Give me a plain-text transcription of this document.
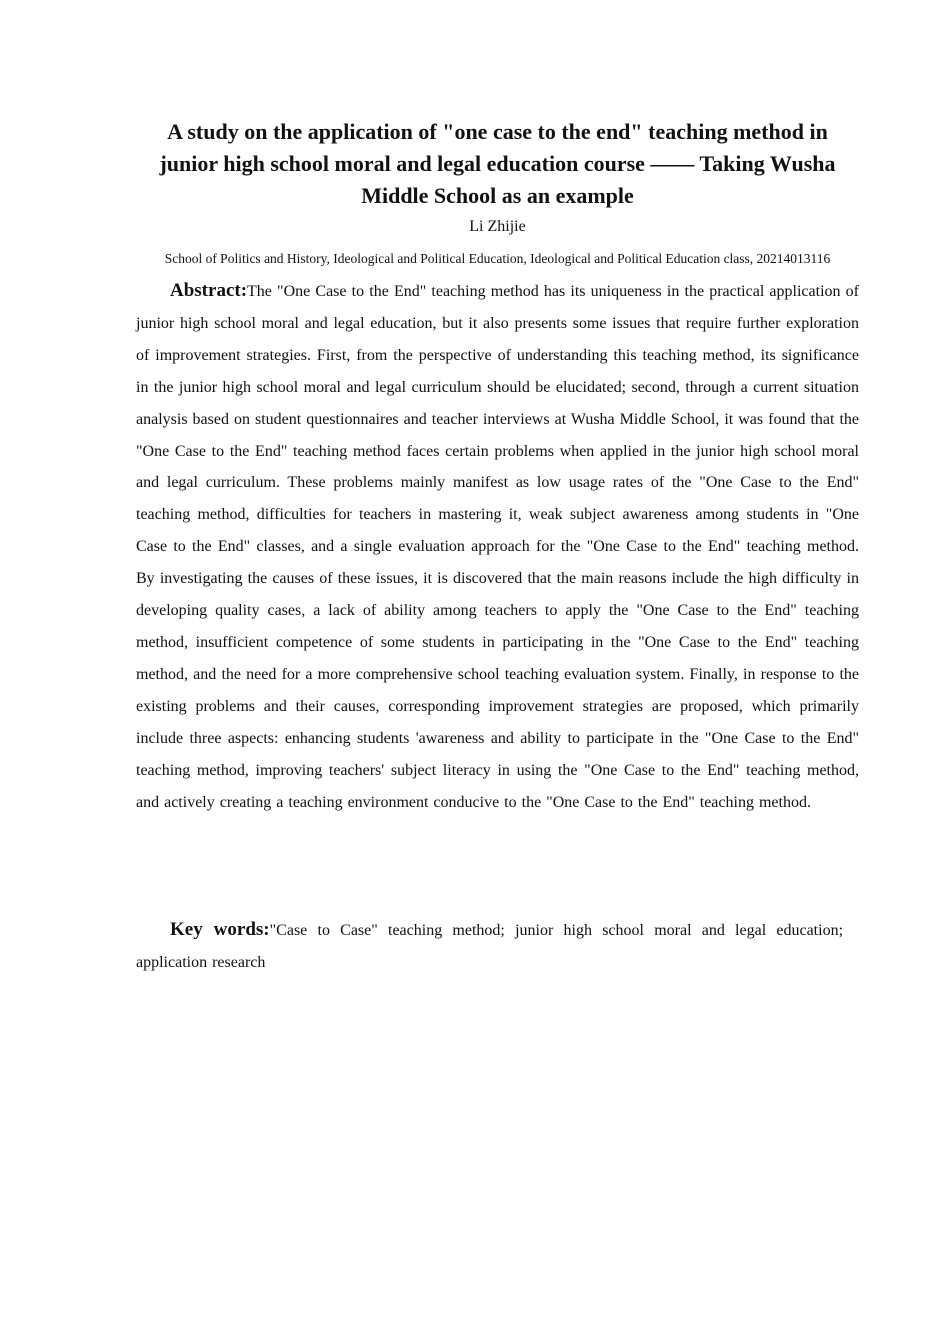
A study on the application of "one case to the end" teaching method in junior high school moral and legal education course —— Taking Wusha Middle School as an example
Li Zhijie
School of Politics and History, Ideological and Political Education, Ideological and Political Education class, 20214013116

Abstract:The "One Case to the End" teaching method has its uniqueness in the practical application of junior high school moral and legal education, but it also presents some issues that require further exploration of improvement strategies. First, from the perspective of understanding this teaching method, its significance in the junior high school moral and legal curriculum should be elucidated; second, through a current situation analysis based on student questionnaires and teacher interviews at Wusha Middle School, it was found that the "One Case to the End" teaching method faces certain problems when applied in the junior high school moral and legal curriculum. These problems mainly manifest as low usage rates of the "One Case to the End" teaching method, difficulties for teachers in mastering it, weak subject awareness among students in "One Case to the End" classes, and a single evaluation approach for the "One Case to the End" teaching method. By investigating the causes of these issues, it is discovered that the main reasons include the high difficulty in developing quality cases, a lack of ability among teachers to apply the "One Case to the End" teaching method, insufficient competence of some students in participating in the "One Case to the End" teaching method, and the need for a more comprehensive school teaching evaluation system. Finally, in response to the existing problems and their causes, corresponding improvement strategies are proposed, which primarily include three aspects: enhancing students 'awareness and ability to participate in the "One Case to the End" teaching method, improving teachers' subject literacy in using the "One Case to the End" teaching method, and actively creating a teaching environment conducive to the "One Case to the End" teaching method.

Key words:"Case to Case" teaching method; junior high school moral and legal education; application research
